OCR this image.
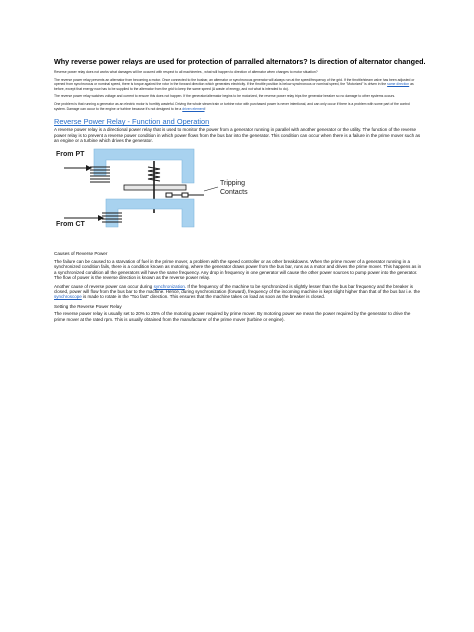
Why reverse power relays are used for protection of parralled alternators? Is direction of alternator changed.

Reverse power relay does not works what damages will be occured with respect to all machineries , what will happen to direction of alternator when changes to motor situation?

The reverse power relay prevents an alternator from becoming a motor. Once connected to the busbar, an alternator or synchronous generator will always run at the speed/frequency of the grid. If the throttle/steam valve has been adjusted or opened from synchronous or nominal speed, there is torque against the rotor in the forward direction which generates electricity. If the throttle position is below synchronous or nominal speed, the "Motorized" is driven in the same direction as before, except that energy now has to be supplied to the alternator from the grid to keep the same speed (A waste of energy, and not what is intended to do).

The reverse power relay watches voltage and current to ensure this does not happen. If the generator/alternator begins to be motorized, the reverse power relay trips the generator breaker so no damage to other systems occurs.

One problem is that running a generator as an electric motor is horribly wasteful. Driving the whole steam train or turbine rotor with purchased power is never intentional, and can only occur if there is a problem with some part of the control system. Damage can occur to the engine or turbine because it's not designed to be a driven element!

Reverse Power Relay - Function and Operation

A reverse power relay is a directional power relay that is used to monitor the power from a generator running in parallel with another generator or the utility. The function of the reverse power relay is to prevent a reverse power condition in which power flows from the bus bar into the generator. This condition can occur when there is a failure in the prime mover such as an engine or a turbine which drives the generator.

From PT
From CT
Tripping
Contacts
Causes of Reverse Power

The failure can be caused to a starvation of fuel in the prime mover, a problem with the speed controller or as other breakdowns. When the prime mover of a generator running in a synchronized condition fails, there is a condition known as motoring, where the generator draws power from the bus bar, runs as a motor and drives the prime mover. This happens as in a synchronized condition all the generators will have the same frequency. Any drop in frequency in one generator will cause the other power sources to pump power into the generator. The flow of power is the reverse direction is known as the reverse power relay.

Another cause of reverse power can occur during synchronization. If the frequency of the machine to be synchronized is slightly lesser than the bus bar frequency and the breaker is closed, power will flow from the bus bar to the machine. Hence, during synchronization (forward), frequency of the incoming machine is kept slight higher than that of the bus bar i.e. the synchroscope is made to rotate in the "Too fast" direction. This ensures that the machine takes on load as soon as the breaker is closed.

Setting the Reverse Power Relay

The reverse power relay is usually set to 20% to 25% of the motoring power required by prime mover. By motoring power we mean the power required by the generator to drive the prime mover at the rated rpm. This is usually obtained from the manufacturer of the prime mover (turbine or engine).
